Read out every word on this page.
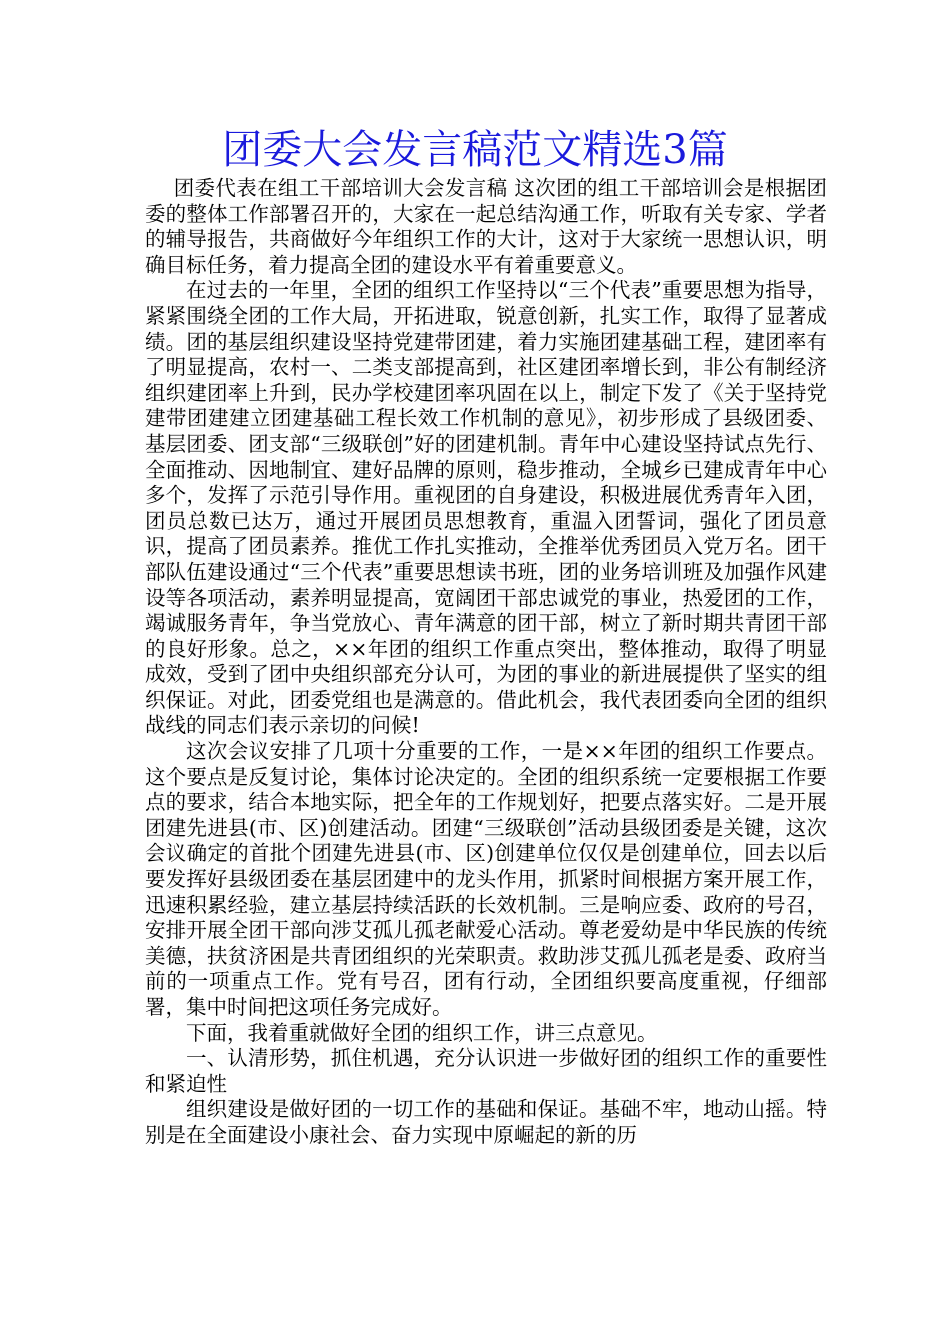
团委大会发言稿范文精选3篇

团委代表在组工干部培训大会发言稿 这次团的组工干部培训会是根据团委的整体工作部署召开的，大家在一起总结沟通工作，听取有关专家、学者的辅导报告，共商做好今年组织工作的大计，这对于大家统一思想认识，明确目标任务，着力提高全团的建设水平有着重要意义。

在过去的一年里，全团的组织工作坚持以“三个代表”重要思想为指导，紧紧围绕全团的工作大局，开拓进取，锐意创新，扎实工作，取得了显著成绩。团的基层组织建设坚持党建带团建，着力实施团建基础工程，建团率有了明显提高，农村一、二类支部提高到，社区建团率增长到，非公有制经济组织建团率上升到，民办学校建团率巩固在以上，制定下发了《关于坚持党建带团建建立团建基础工程长效工作机制的意见》，初步形成了县级团委、基层团委、团支部“三级联创”好的团建机制。青年中心建设坚持试点先行、全面推动、因地制宜、建好品牌的原则，稳步推动，全城乡已建成青年中心多个，发挥了示范引导作用。重视团的自身建设，积极进展优秀青年入团，团员总数已达万，通过开展团员思想教育，重温入团誓词，强化了团员意识，提高了团员素养。推优工作扎实推动，全推举优秀团员入党万名。团干部队伍建设通过“三个代表”重要思想读书班，团的业务培训班及加强作风建设等各项活动，素养明显提高，宽阔团干部忠诚党的事业，热爱团的工作，竭诚服务青年，争当党放心、青年满意的团干部，树立了新时期共青团干部的良好形象。总之，××年团的组织工作重点突出，整体推动，取得了明显成效，受到了团中央组织部充分认可，为团的事业的新进展提供了坚实的组织保证。对此，团委党组也是满意的。借此机会，我代表团委向全团的组织战线的同志们表示亲切的问候!

这次会议安排了几项十分重要的工作，一是××年团的组织工作要点。这个要点是反复讨论，集体讨论决定的。全团的组织系统一定要根据工作要点的要求，结合本地实际，把全年的工作规划好，把要点落实好。二是开展团建先进县(市、区)创建活动。团建“三级联创”活动县级团委是关键，这次会议确定的首批个团建先进县(市、区)创建单位仅仅是创建单位，回去以后要发挥好县级团委在基层团建中的龙头作用，抓紧时间根据方案开展工作，迅速积累经验，建立基层持续活跃的长效机制。三是响应委、政府的号召，安排开展全团干部向涉艾孤儿孤老献爱心活动。尊老爱幼是中华民族的传统美德，扶贫济困是共青团组织的光荣职责。救助涉艾孤儿孤老是委、政府当前的一项重点工作。党有号召，团有行动，全团组织要高度重视，仔细部署，集中时间把这项任务完成好。

下面，我着重就做好全团的组织工作，讲三点意见。

一、认清形势，抓住机遇，充分认识进一步做好团的组织工作的重要性和紧迫性

组织建设是做好团的一切工作的基础和保证。基础不牢，地动山摇。特别是在全面建设小康社会、奋力实现中原崛起的新的历
